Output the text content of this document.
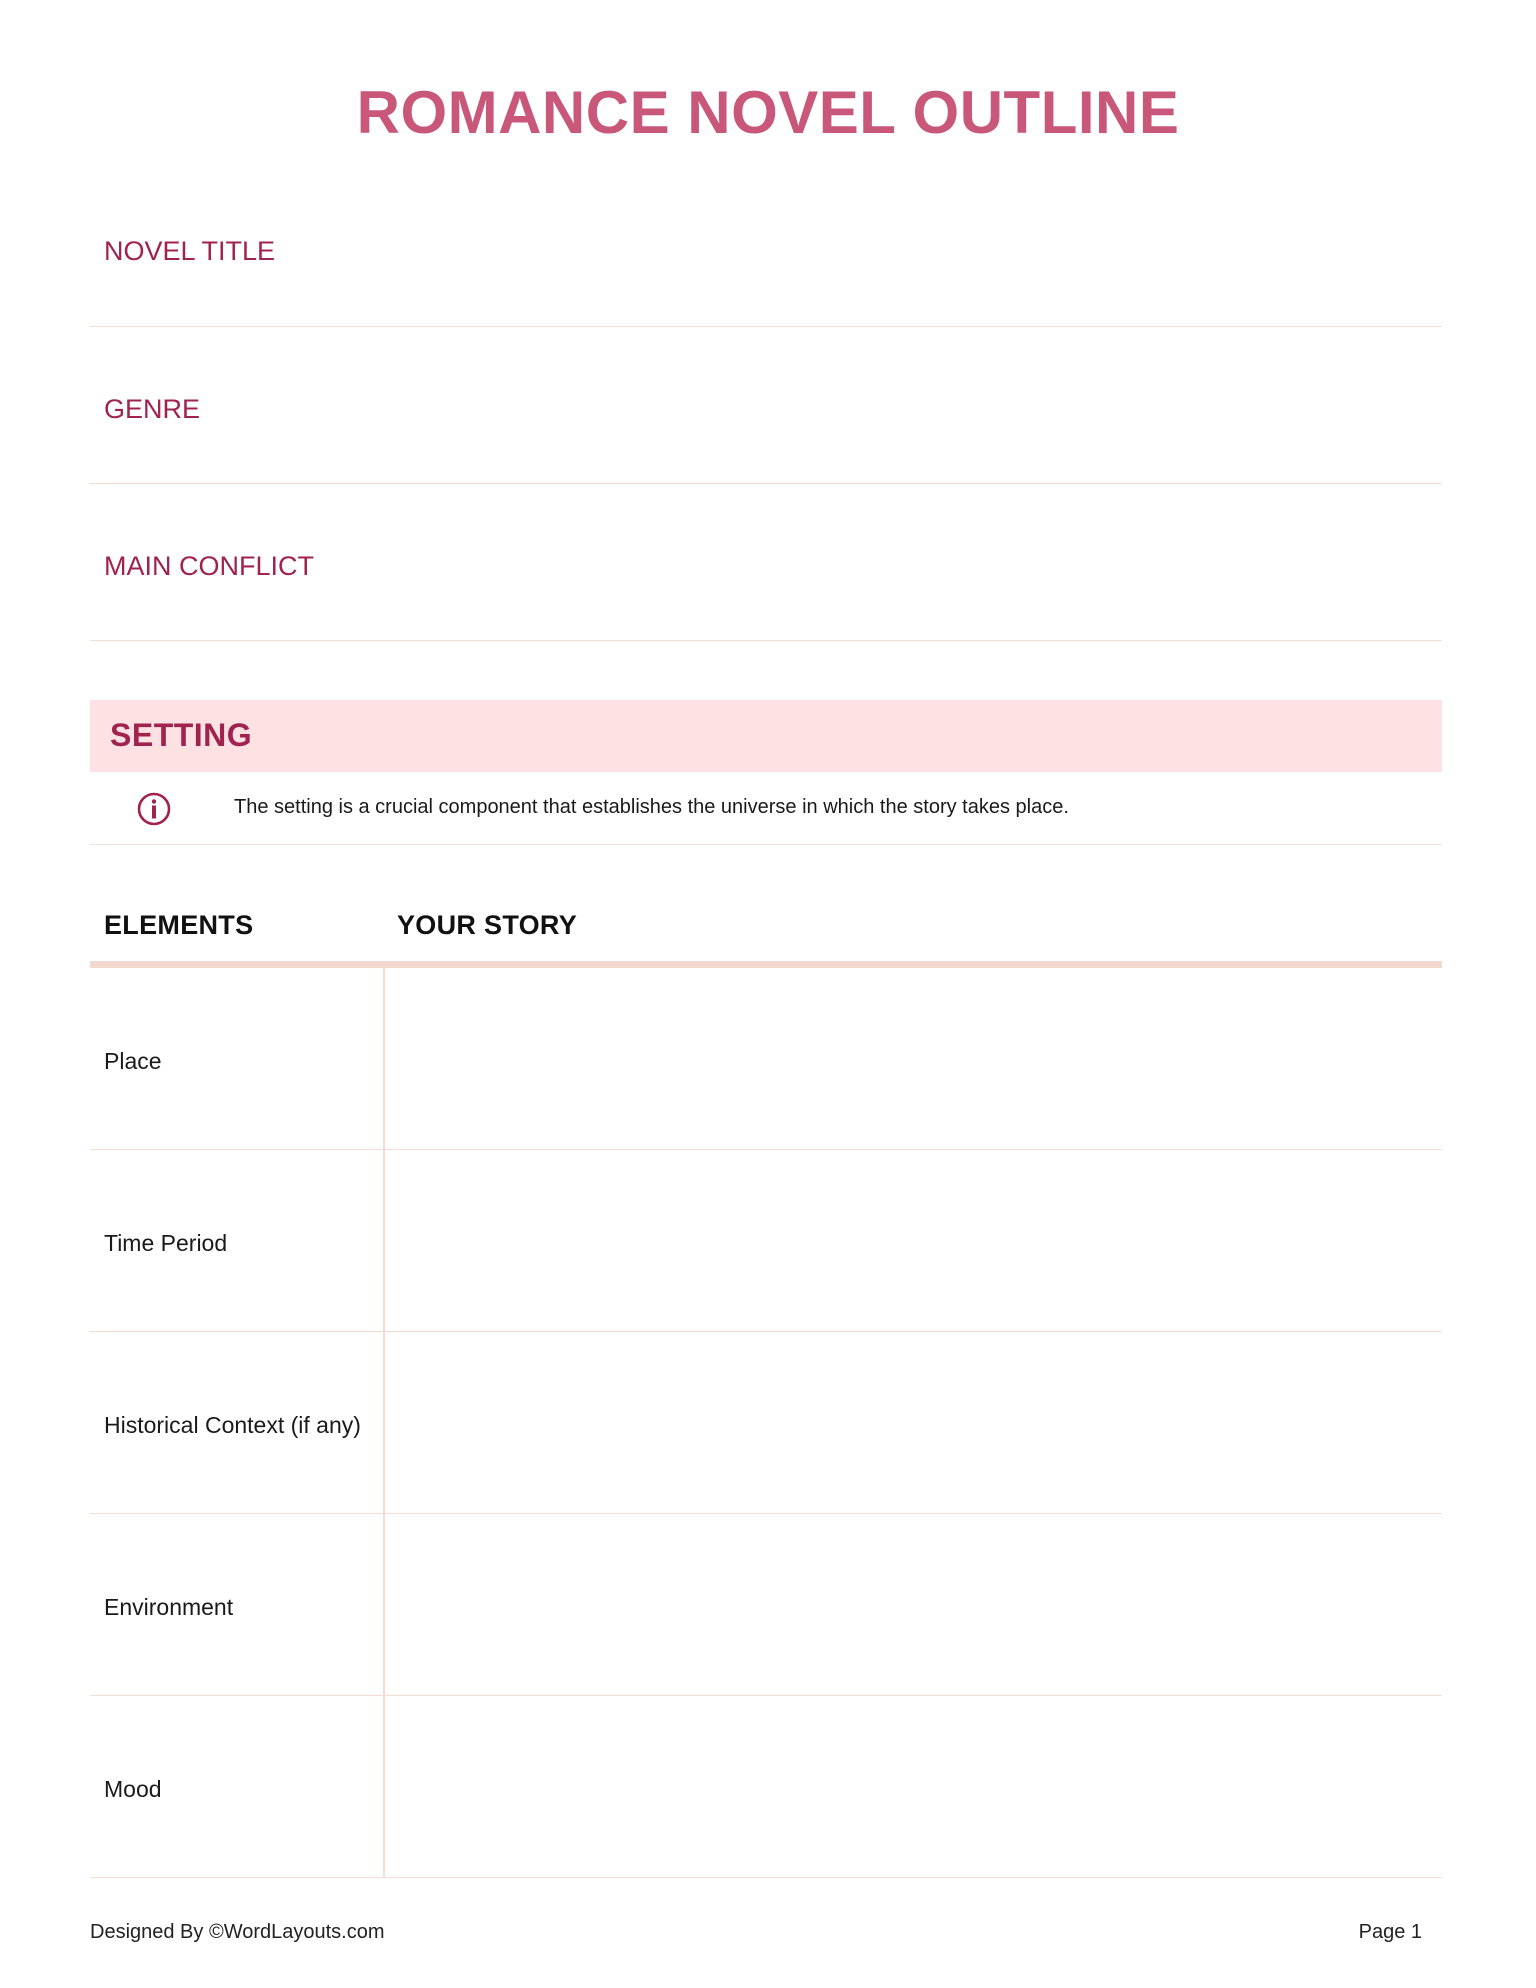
ROMANCE NOVEL OUTLINE
NOVEL TITLE
GENRE
MAIN CONFLICT
SETTING
The setting is a crucial component that establishes the universe in which the story takes place.
ELEMENTS	YOUR STORY
Place
Time Period
Historical Context (if any)
Environment
Mood
Designed By ©WordLayouts.com	Page 1
